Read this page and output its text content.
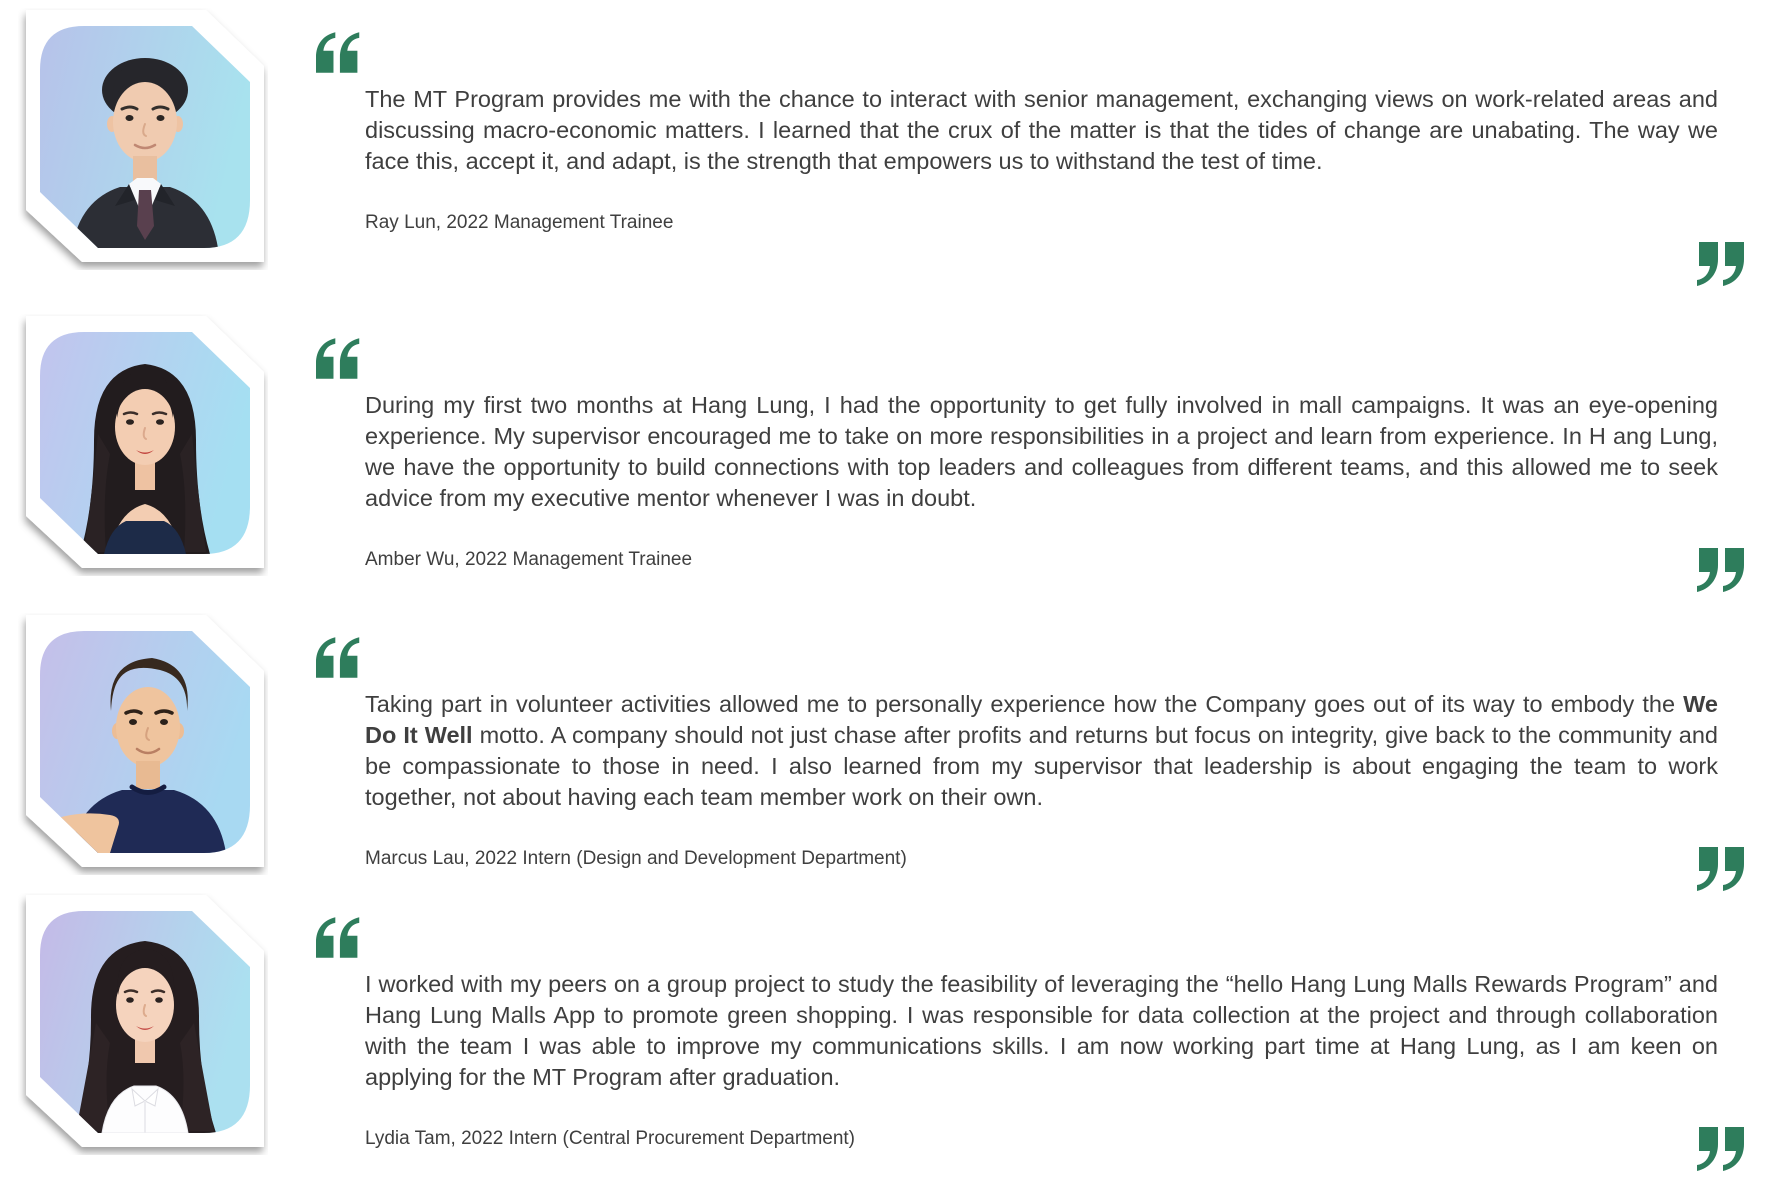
The MT Program provides me with the chance to interact with senior management, exchanging views on work-related areas and discussing macro-economic matters. I learned that the crux of the matter is that the tides of change are unabating. The way we face this, accept it, and adapt, is the strength that empowers us to withstand the test of time.

Ray Lun, 2022 Management Trainee

During my first two months at Hang Lung, I had the opportunity to get fully involved in mall campaigns. It was an eye-opening experience. My supervisor encouraged me to take on more responsibilities in a project and learn from experience. In H ang Lung, we have the opportunity to build connections with top leaders and colleagues from different teams, and this allowed me to seek advice from my executive mentor whenever I was in doubt.

Amber Wu, 2022 Management Trainee

Taking part in volunteer activities allowed me to personally experience how the Company goes out of its way to embody the We Do It Well motto. A company should not just chase after profits and returns but focus on integrity, give back to the community and be compassionate to those in need. I also learned from my supervisor that leadership is about engaging the team to work together, not about having each team member work on their own.

Marcus Lau, 2022 Intern (Design and Development Department)

I worked with my peers on a group project to study the feasibility of leveraging the “hello Hang Lung Malls Rewards Program” and Hang Lung Malls App to promote green shopping. I was responsible for data collection at the project and through collaboration with the team I was able to improve my communications skills. I am now working part time at Hang Lung, as I am keen on applying for the MT Program after graduation.

Lydia Tam, 2022 Intern (Central Procurement Department)
